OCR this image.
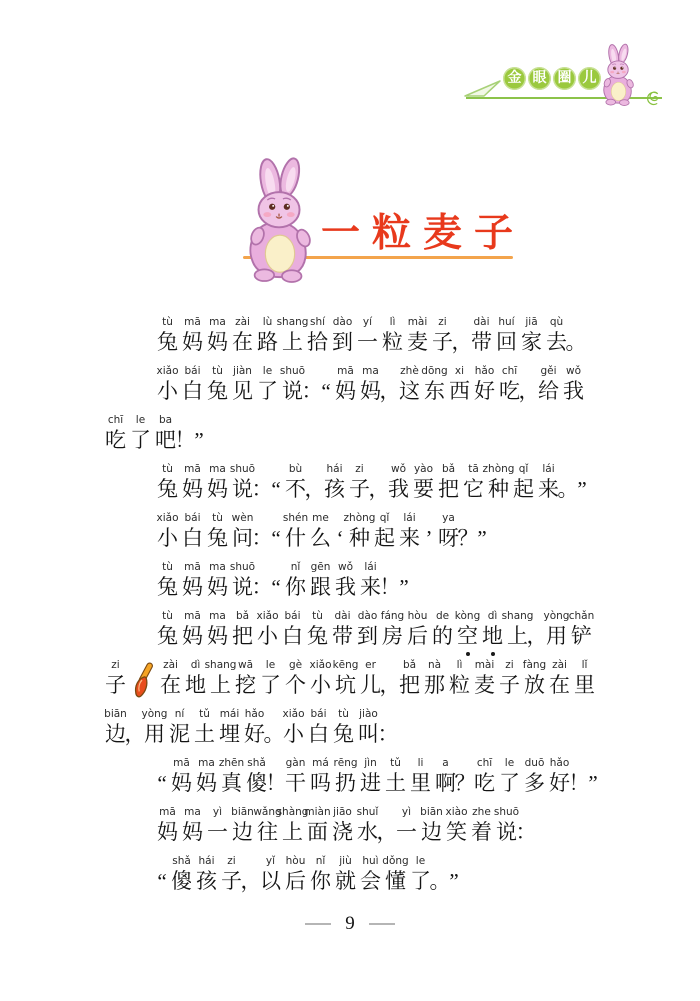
金 眼 圈 儿
一粒麦子
tù
兔
mā
妈
ma
妈
zài
在
lù
路
shang
上
shí
拾
dào
到
yí
一
lì
粒
mài
麦
zi
子
，
dài
带
huí
回
jiā
家
qù
去
。
xiǎo
小
bái
白
tù
兔
jiàn
见
le
了
shuō
说
：
“
mā
妈
ma
妈
，
zhè
这
dōng
东
xi
西
hǎo
好
chī
吃
，
gěi
给
wǒ
我
chī
吃
le
了
ba
吧
！
”
tù
兔
mā
妈
ma
妈
shuō
说
：
“
bù
不
，
hái
孩
zi
子
，
wǒ
我
yào
要
bǎ
把
tā
它
zhòng
种
qǐ
起
lái
来
。
”
xiǎo
小
bái
白
tù
兔
wèn
问
：
“
shén
什
me
么 ‘
zhòng
种
qǐ
起
lái
来 ’
ya
呀
？
”
tù
兔
mā
妈
ma
妈
shuō
说
：
“
nǐ
你
gēn
跟
wǒ
我
lái
来
！
”
tù
兔
mā
妈
ma
妈
bǎ
把
xiǎo
小
bái
白
tù
兔
dài
带
dào
到
fáng
房
hòu
后
de
的
kòng
空
dì
地
shang
上
，
yòng
用
chǎn
铲
zi
子
zài
在
dì
地
shang
上
wā
挖
le
了
gè
个
xiǎo
小
kēng
坑
er
儿
，
bǎ
把
nà
那
lì
粒
mài
麦
zi
子
fàng
放
zài
在
lǐ
里
biān
边
，
yòng
用
ní
泥
tǔ
土
mái
埋
hǎo
好
。
xiǎo
小
bái
白
tù
兔
jiào
叫
：
“
mā
妈
ma
妈
zhēn
真
shǎ
傻
！
gàn
干
má
吗
rēng
扔
jìn
进
tǔ
土
li
里
a
啊
？
chī
吃
le
了
duō
多
hǎo
好
！
”
mā
妈
ma
妈
yì
一
biān
边
wǎng
往
shàng
上
miàn
面
jiāo
浇
shuǐ
水
，
yì
一
biān
边
xiào
笑
zhe
着
shuō
说
：
“
shǎ
傻
hái
孩
zi
子
，
yǐ
以
hòu
后
nǐ
你
jiù
就
huì
会
dǒng
懂
le
了
。
”
9
